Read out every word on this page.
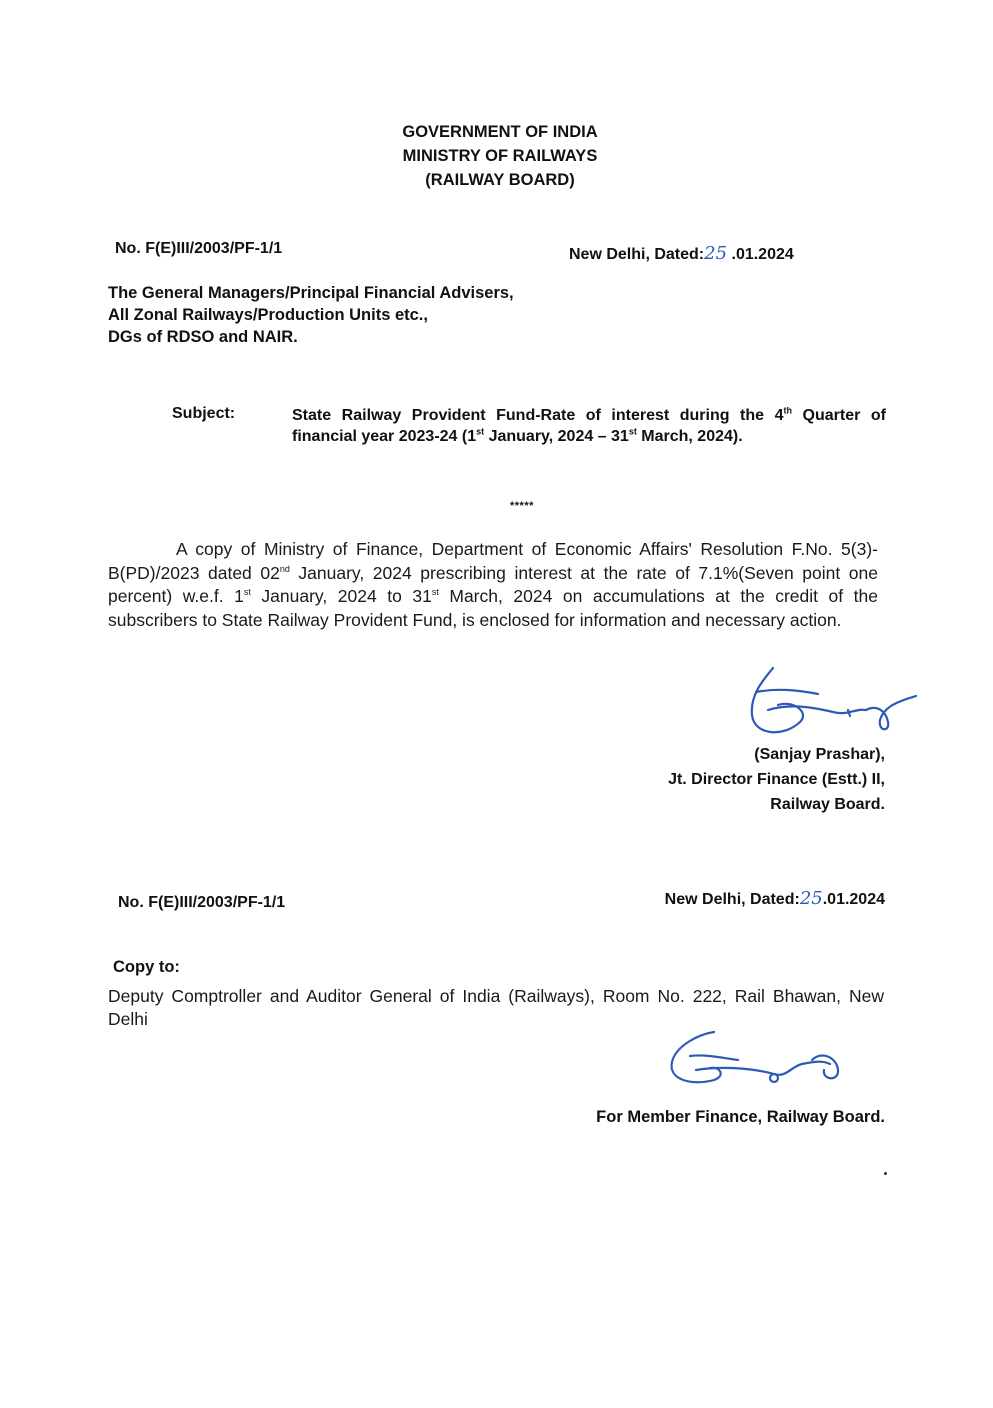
GOVERNMENT OF INDIA
MINISTRY OF RAILWAYS
(RAILWAY BOARD)
No. F(E)III/2003/PF-1/1	New Delhi, Dated:25 .01.2024
The General Managers/Principal Financial Advisers,
All Zonal Railways/Production Units etc.,
DGs of RDSO and NAIR.
Subject:	State Railway Provident Fund-Rate of interest during the 4th Quarter of financial year 2023-24 (1st January, 2024 – 31st March, 2024).
*****

A copy of Ministry of Finance, Department of Economic Affairs' Resolution F.No. 5(3)-B(PD)/2023 dated 02nd January, 2024 prescribing interest at the rate of 7.1%(Seven point one percent) w.e.f. 1st January, 2024 to 31st March, 2024 on accumulations at the credit of the subscribers to State Railway Provident Fund, is enclosed for information and necessary action.

(Sanjay Prashar),
Jt. Director Finance (Estt.) II,
Railway Board.
No. F(E)III/2003/PF-1/1	New Delhi, Dated:25.01.2024
Copy to:
Deputy Comptroller and Auditor General of India (Railways), Room No. 222, Rail Bhawan, New Delhi
For Member Finance, Railway Board.
